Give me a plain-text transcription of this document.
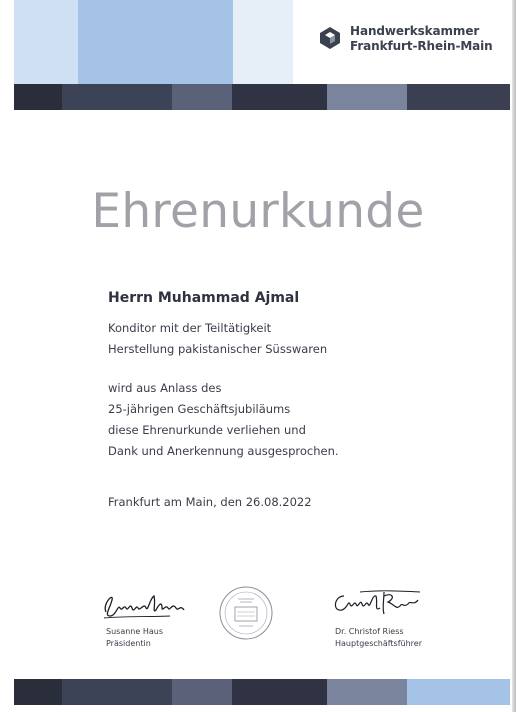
Handwerkskammer
Frankfurt-Rhein-Main
Ehrenurkunde
Herrn Muhammad Ajmal
Konditor mit der Teiltätigkeit
Herstellung pakistanischer Süsswaren
wird aus Anlass des
25-jährigen Geschäftsjubiläums
diese Ehrenurkunde verliehen und
Dank und Anerkennung ausgesprochen.
Frankfurt am Main, den 26.08.2022
Susanne Haus
Präsidentin
Dr. Christof Riess
Hauptgeschäftsführer
